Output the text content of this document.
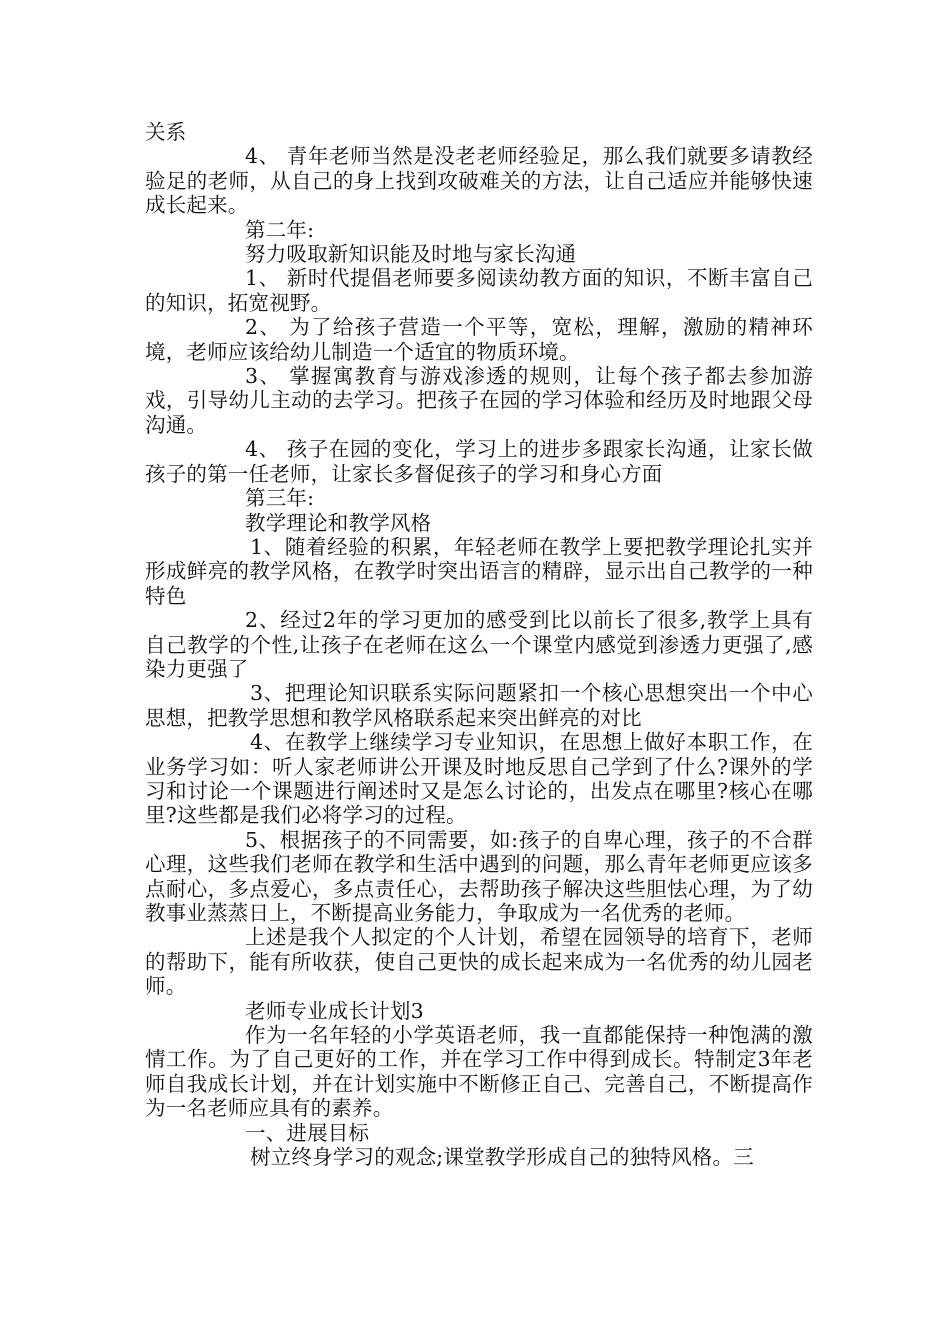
关系

4、 青年老师当然是没老老师经验足，那么我们就要多请教经验足的老师，从自己的身上找到攻破难关的方法，让自己适应并能够快速成长起来。

第二年:

努力吸取新知识能及时地与家长沟通

1、 新时代提倡老师要多阅读幼教方面的知识，不断丰富自己的知识，拓宽视野。

2、 为了给孩子营造一个平等，宽松，理解，激励的精神环境，老师应该给幼儿制造一个适宜的物质环境。

3、 掌握寓教育与游戏渗透的规则，让每个孩子都去参加游戏，引导幼儿主动的去学习。把孩子在园的学习体验和经历及时地跟父母沟通。

4、 孩子在园的变化，学习上的进步多跟家长沟通，让家长做孩子的第一任老师，让家长多督促孩子的学习和身心方面

第三年:

教学理论和教学风格

1、随着经验的积累，年轻老师在教学上要把教学理论扎实并形成鲜亮的教学风格，在教学时突出语言的精辟，显示出自己教学的一种特色

2、经过2年的学习更加的感受到比以前长了很多,教学上具有自己教学的个性,让孩子在老师在这么一个课堂内感觉到渗透力更强了,感染力更强了

3、把理论知识联系实际问题紧扣一个核心思想突出一个中心思想，把教学思想和教学风格联系起来突出鲜亮的对比

4、在教学上继续学习专业知识，在思想上做好本职工作，在业务学习如：听人家老师讲公开课及时地反思自己学到了什么?课外的学习和讨论一个课题进行阐述时又是怎么讨论的，出发点在哪里?核心在哪里?这些都是我们必将学习的过程。

5、根据孩子的不同需要，如:孩子的自卑心理，孩子的不合群心理，这些我们老师在教学和生活中遇到的问题，那么青年老师更应该多点耐心，多点爱心，多点责任心，去帮助孩子解决这些胆怯心理，为了幼教事业蒸蒸日上，不断提高业务能力，争取成为一名优秀的老师。

上述是我个人拟定的个人计划，希望在园领导的培育下，老师的帮助下，能有所收获，使自己更快的成长起来成为一名优秀的幼儿园老师。

老师专业成长计划3

作为一名年轻的小学英语老师，我一直都能保持一种饱满的激情工作。为了自己更好的工作，并在学习工作中得到成长。特制定3年老师自我成长计划，并在计划实施中不断修正自己、完善自己，不断提高作为一名老师应具有的素养。

一、进展目标

树立终身学习的观念;课堂教学形成自己的独特风格。三
